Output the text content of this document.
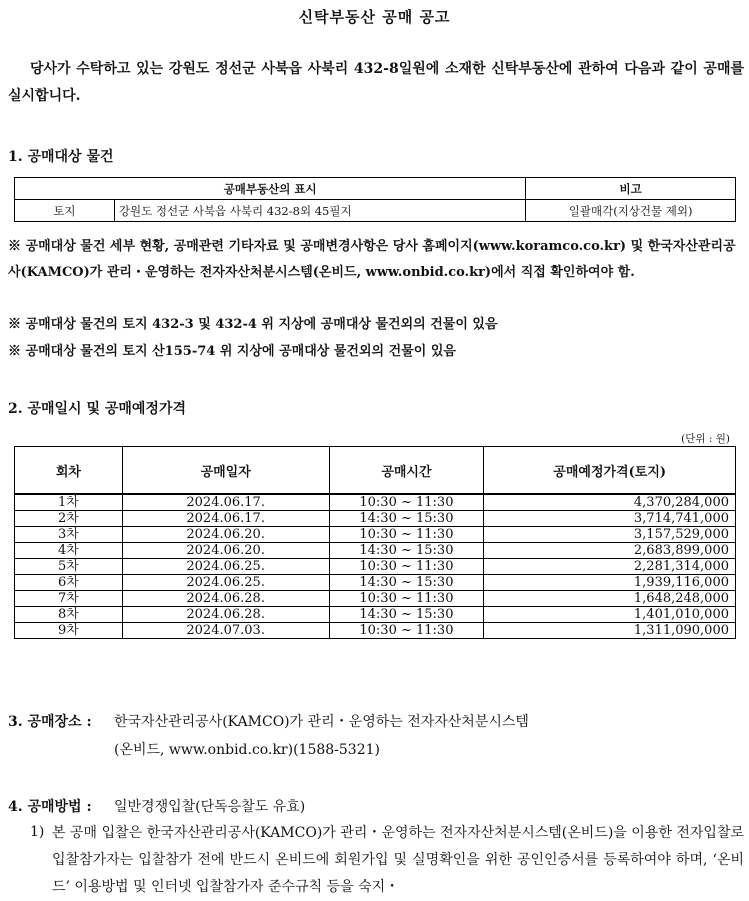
신탁부동산 공매 공고
당사가 수탁하고 있는 강원도 정선군 사북읍 사북리 432-8일원에 소재한 신탁부동산에 관하여 다음과 같이 공매를 실시합니다.
1. 공매대상 물건
공매부동산의 표시		비고
토지	강원도 정선군 사북읍 사북리 432-8외 45필지	일괄매각(지상건물 제외)
※ 공매대상 물건 세부 현황, 공매관련 기타자료 및 공매변경사항은 당사 홈페이지(www.koramco.co.kr) 및 한국자산관리공사(KAMCO)가 관리・운영하는 전자자산처분시스템(온비드, www.onbid.co.kr)에서 직접 확인하여야 함.
※ 공매대상 물건의 토지 432-3 및 432-4 위 지상에 공매대상 물건외의 건물이 있음
※ 공매대상 물건의 토지 산155-74 위 지상에 공매대상 물건외의 건물이 있음
2. 공매일시 및 공매예정가격
(단위 : 원)
회차	공매일자	공매시간	공매예정가격(토지)
1차	2024.06.17.	10:30 ~ 11:30	4,370,284,000
2차	2024.06.17.	14:30 ~ 15:30	3,714,741,000
3차	2024.06.20.	10:30 ~ 11:30	3,157,529,000
4차	2024.06.20.	14:30 ~ 15:30	2,683,899,000
5차	2024.06.25.	10:30 ~ 11:30	2,281,314,000
6차	2024.06.25.	14:30 ~ 15:30	1,939,116,000
7차	2024.06.28.	10:30 ~ 11:30	1,648,248,000
8차	2024.06.28.	14:30 ~ 15:30	1,401,010,000
9차	2024.07.03.	10:30 ~ 11:30	1,311,090,000
3. 공매장소 : 한국자산관리공사(KAMCO)가 관리・운영하는 전자자산처분시스템
(온비드, www.onbid.co.kr)(1588-5321)
4. 공매방법 : 일반경쟁입찰(단독응찰도 유효)
1) 본 공매 입찰은 한국자산관리공사(KAMCO)가 관리・운영하는 전자자산처분시스템(온비드)을 이용한 전자입찰로 입찰참가자는 입찰참가 전에 반드시 온비드에 회원가입 및 실명확인을 위한 공인인증서를 등록하여야 하며, ‘온비드’ 이용방법 및 인터넷 입찰참가자 준수규칙 등을 숙지・
